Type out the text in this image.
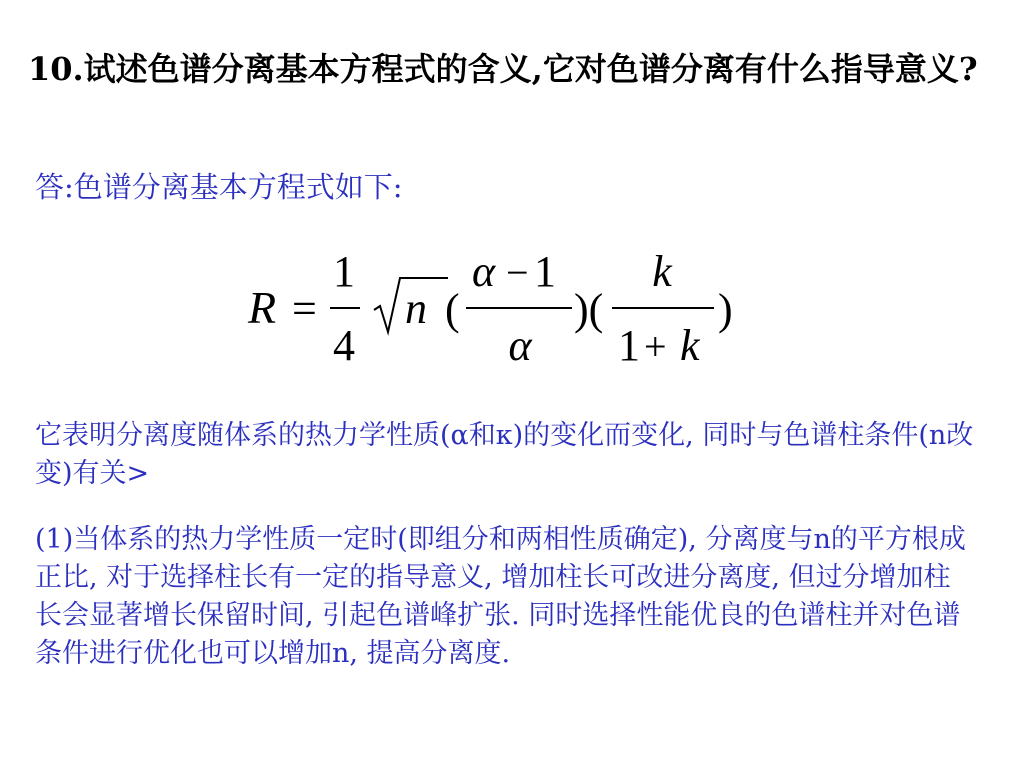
10.试述色谱分离基本方程式的含义,它对色谱分离有什么指导意义?

答:色谱分离基本方程式如下:

R =
1
4
n (
α − 1
α
)(
k
1 + k
)

它表明分离度随体系的热力学性质(α和κ)的变化而变化, 同时与色谱柱条件(n改变)有关>

(1)当体系的热力学性质一定时(即组分和两相性质确定), 分离度与n的平方根成正比, 对于选择柱长有一定的指导意义, 增加柱长可改进分离度, 但过分增加柱长会显著增长保留时间, 引起色谱峰扩张. 同时选择性能优良的色谱柱并对色谱条件进行优化也可以增加n, 提高分离度.
